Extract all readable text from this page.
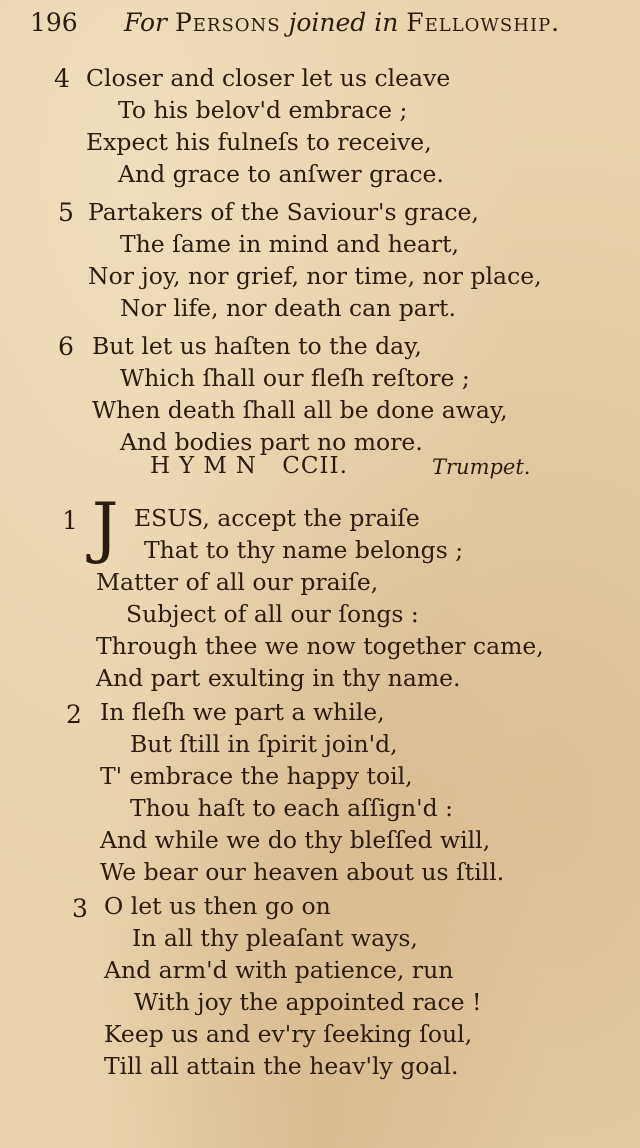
196 For Persons joined in Fellowship.
4 Closer and closer let us cleave
To his belov'd embrace ;
Expect his fulneſs to receive,
And grace to anſwer grace.
5 Partakers of the Saviour's grace,
The ſame in mind and heart,
Nor joy, nor grief, nor time, nor place,
Nor life, nor death can part.
6 But let us haſten to the day,
Which ſhall our fleſh reſtore ;
When death ſhall all be done away,
And bodies part no more.
HYMN CCII.	Trumpet.
1 ESUS, accept the praiſe
That to thy name belongs ;
Matter of all our praiſe,
Subject of all our ſongs :
Through thee we now together came,
And part exulting in thy name.
J
2 In fleſh we part a while,
But ſtill in ſpirit join'd,
T' embrace the happy toil,
Thou haſt to each aſſign'd :
And while we do thy bleſſed will,
We bear our heaven about us ſtill.
3 O let us then go on
In all thy pleaſant ways,
And arm'd with patience, run
With joy the appointed race !
Keep us and ev'ry ſeeking ſoul,
Till all attain the heav'ly goal.
